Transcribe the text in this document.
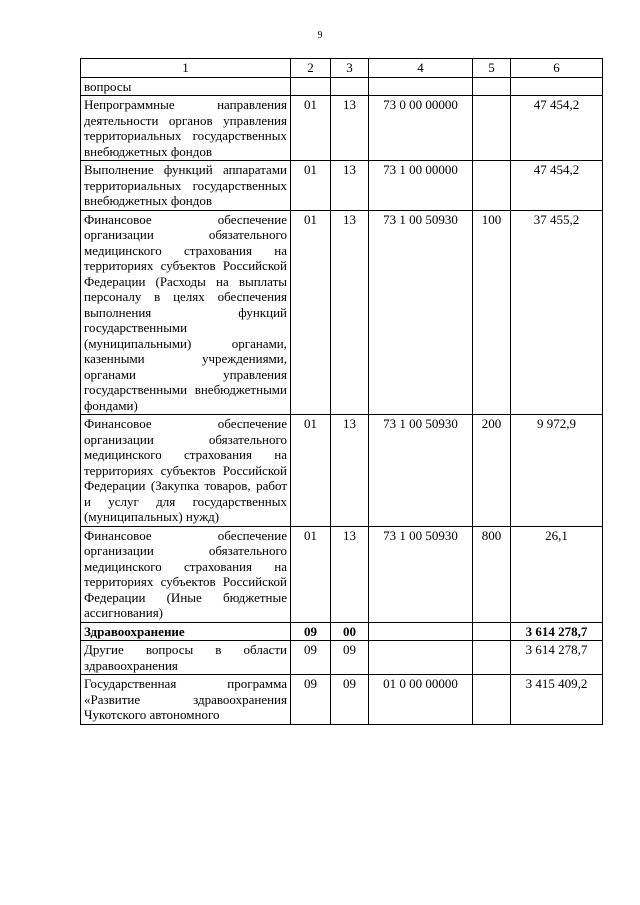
9
1	2	3	4	5	6
вопросы					
Непрограммные направления деятельности органов управления территориальных государственных внебюджетных фондов	01	13	73 0 00 00000		47 454,2
Выполнение функций аппаратами территориальных государственных внебюджетных фондов	01	13	73 1 00 00000		47 454,2
Финансовое обеспечение организации обязательного медицинского страхования на территориях субъектов Российской Федерации (Расходы на выплаты персоналу в целях обеспечения выполнения функций государственными (муниципальными) органами, казенными учреждениями, органами управления государственными внебюджетными фондами)	01	13	73 1 00 50930	100	37 455,2
Финансовое обеспечение организации обязательного медицинского страхования на территориях субъектов Российской Федерации (Закупка товаров, работ и услуг для государственных (муниципальных) нужд)	01	13	73 1 00 50930	200	9 972,9
Финансовое обеспечение организации обязательного медицинского страхования на территориях субъектов Российской Федерации (Иные бюджетные ассигнования)	01	13	73 1 00 50930	800	26,1
Здравоохранение	09	00			3 614 278,7
Другие вопросы в области здравоохранения	09	09			3 614 278,7
Государственная программа «Развитие здравоохранения Чукотского автономного	09	09	01 0 00 00000		3 415 409,2
